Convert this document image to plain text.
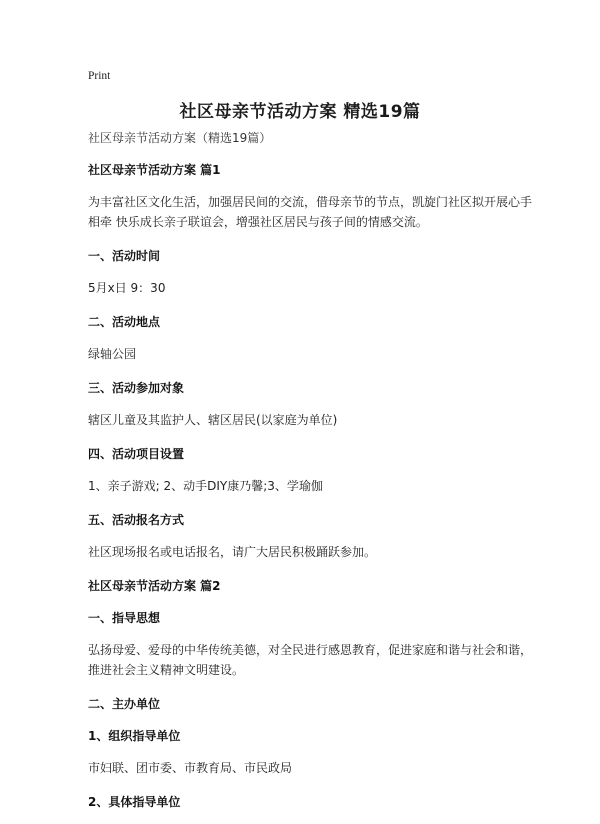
Print
社区母亲节活动方案 精选19篇
社区母亲节活动方案（精选19篇）
社区母亲节活动方案 篇1
为丰富社区文化生活，加强居民间的交流，借母亲节的节点，凯旋门社区拟开展心手相牵 快乐成长亲子联谊会，增强社区居民与孩子间的情感交流。
一、活动时间
5月x日 9：30
二、活动地点
绿轴公园
三、活动参加对象
辖区儿童及其监护人、辖区居民(以家庭为单位)
四、活动项目设置
1、亲子游戏; 2、动手DIY康乃馨;3、学瑜伽
五、活动报名方式
社区现场报名或电话报名，请广大居民积极踊跃参加。
社区母亲节活动方案 篇2
一、指导思想
弘扬母爱、爱母的中华传统美德，对全民进行感恩教育，促进家庭和谐与社会和谐，推进社会主义精神文明建设。
二、主办单位
1、组织指导单位
市妇联、团市委、市教育局、市民政局
2、具体指导单位
